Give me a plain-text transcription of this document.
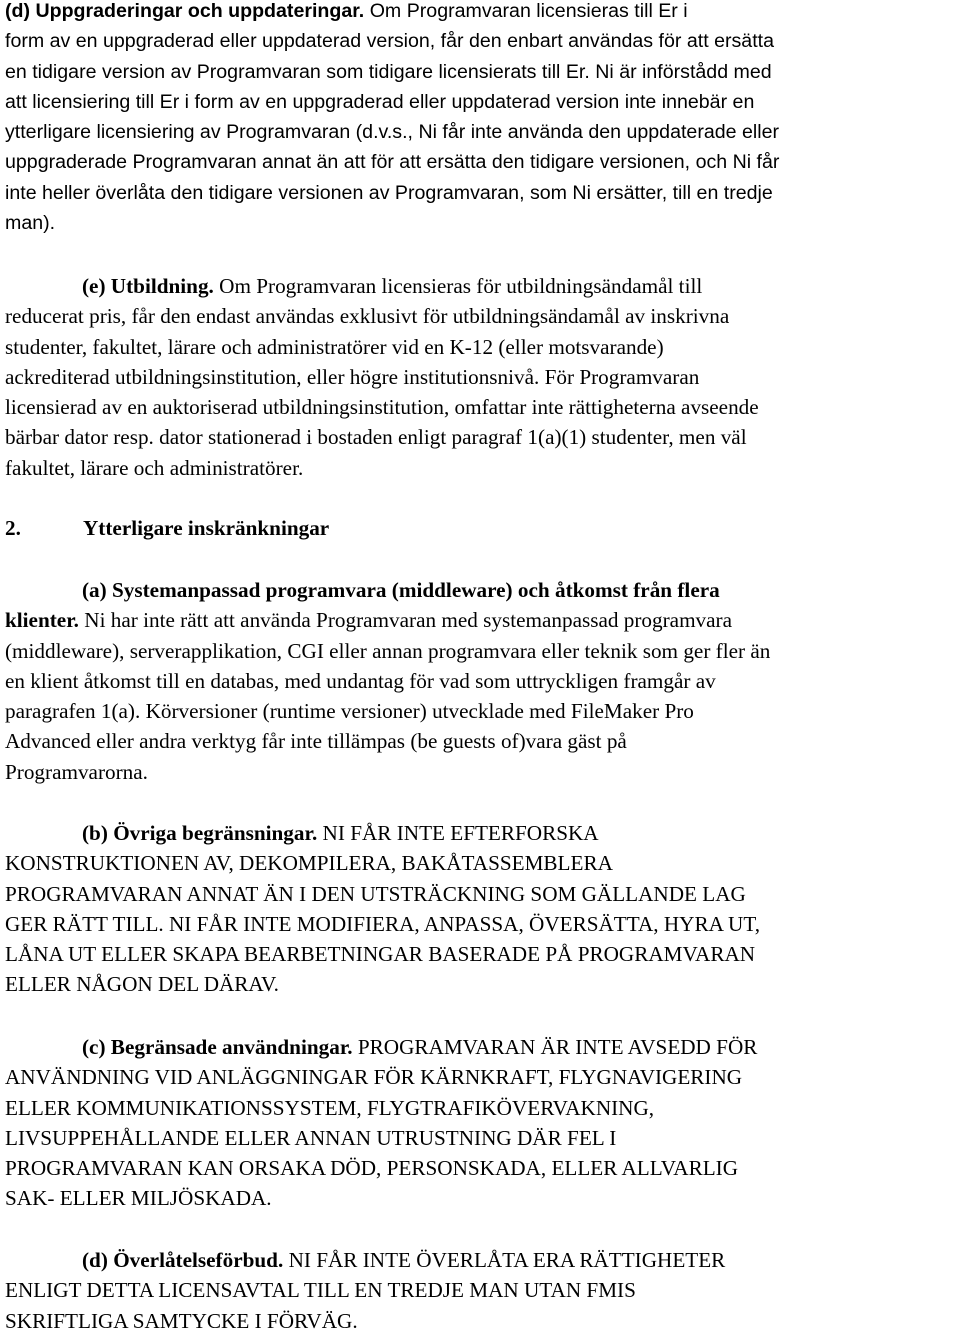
(d) Uppgraderingar och uppdateringar. Om Programvaran licensieras till Er i
form av en uppgraderad eller uppdaterad version, får den enbart användas för att ersätta
en tidigare version av Programvaran som tidigare licensierats till Er. Ni är införstådd med
att licensiering till Er i form av en uppgraderad eller uppdaterad version inte innebär en
ytterligare licensiering av Programvaran (d.v.s., Ni får inte använda den uppdaterade eller
uppgraderade Programvaran annat än att för att ersätta den tidigare versionen, och Ni får
inte heller överlåta den tidigare versionen av Programvaran, som Ni ersätter, till en tredje
man).
(e) Utbildning. Om Programvaran licensieras för utbildningsändamål till
reducerat pris, får den endast användas exklusivt för utbildningsändamål av inskrivna
studenter, fakultet, lärare och administratörer vid en K-12 (eller motsvarande)
ackrediterad utbildningsinstitution, eller högre institutionsnivå. För Programvaran
licensierad av en auktoriserad utbildningsinstitution, omfattar inte rättigheterna avseende
bärbar dator resp. dator stationerad i bostaden enligt paragraf 1(a)(1) studenter, men väl
fakultet, lärare och administratörer.
2.	Ytterligare inskränkningar
(a) Systemanpassad programvara (middleware) och åtkomst från flera
klienter. Ni har inte rätt att använda Programvaran med systemanpassad programvara
(middleware), serverapplikation, CGI eller annan programvara eller teknik som ger fler än
en klient åtkomst till en databas, med undantag för vad som uttryckligen framgår av
paragrafen 1(a). Körversioner (runtime versioner) utvecklade med FileMaker Pro
Advanced eller andra verktyg får inte tillämpas (be guests of)vara gäst på
Programvarorna.
(b) Övriga begränsningar. NI FÅR INTE EFTERFORSKA
KONSTRUKTIONEN AV, DEKOMPILERA, BAKÅTASSEMBLERA
PROGRAMVARAN ANNAT ÄN I DEN UTSTRÄCKNING SOM GÄLLANDE LAG
GER RÄTT TILL. NI FÅR INTE MODIFIERA, ANPASSA, ÖVERSÄTTA, HYRA UT,
LÅNA UT ELLER SKAPA BEARBETNINGAR BASERADE PÅ PROGRAMVARAN
ELLER NÅGON DEL DÄRAV.
(c) Begränsade användningar. PROGRAMVARAN ÄR INTE AVSEDD FÖR
ANVÄNDNING VID ANLÄGGNINGAR FÖR KÄRNKRAFT, FLYGNAVIGERING
ELLER KOMMUNIKATIONSSYSTEM, FLYGTRAFIKÖVERVAKNING,
LIVSUPPEHÅLLANDE ELLER ANNAN UTRUSTNING DÄR FEL I
PROGRAMVARAN KAN ORSAKA DÖD, PERSONSKADA, ELLER ALLVARLIG
SAK- ELLER MILJÖSKADA.
(d) Överlåtelseförbud. NI FÅR INTE ÖVERLÅTA ERA RÄTTIGHETER
ENLIGT DETTA LICENSAVTAL TILL EN TREDJE MAN UTAN FMIS
SKRIFTLIGA SAMTYCKE I FÖRVÄG.
